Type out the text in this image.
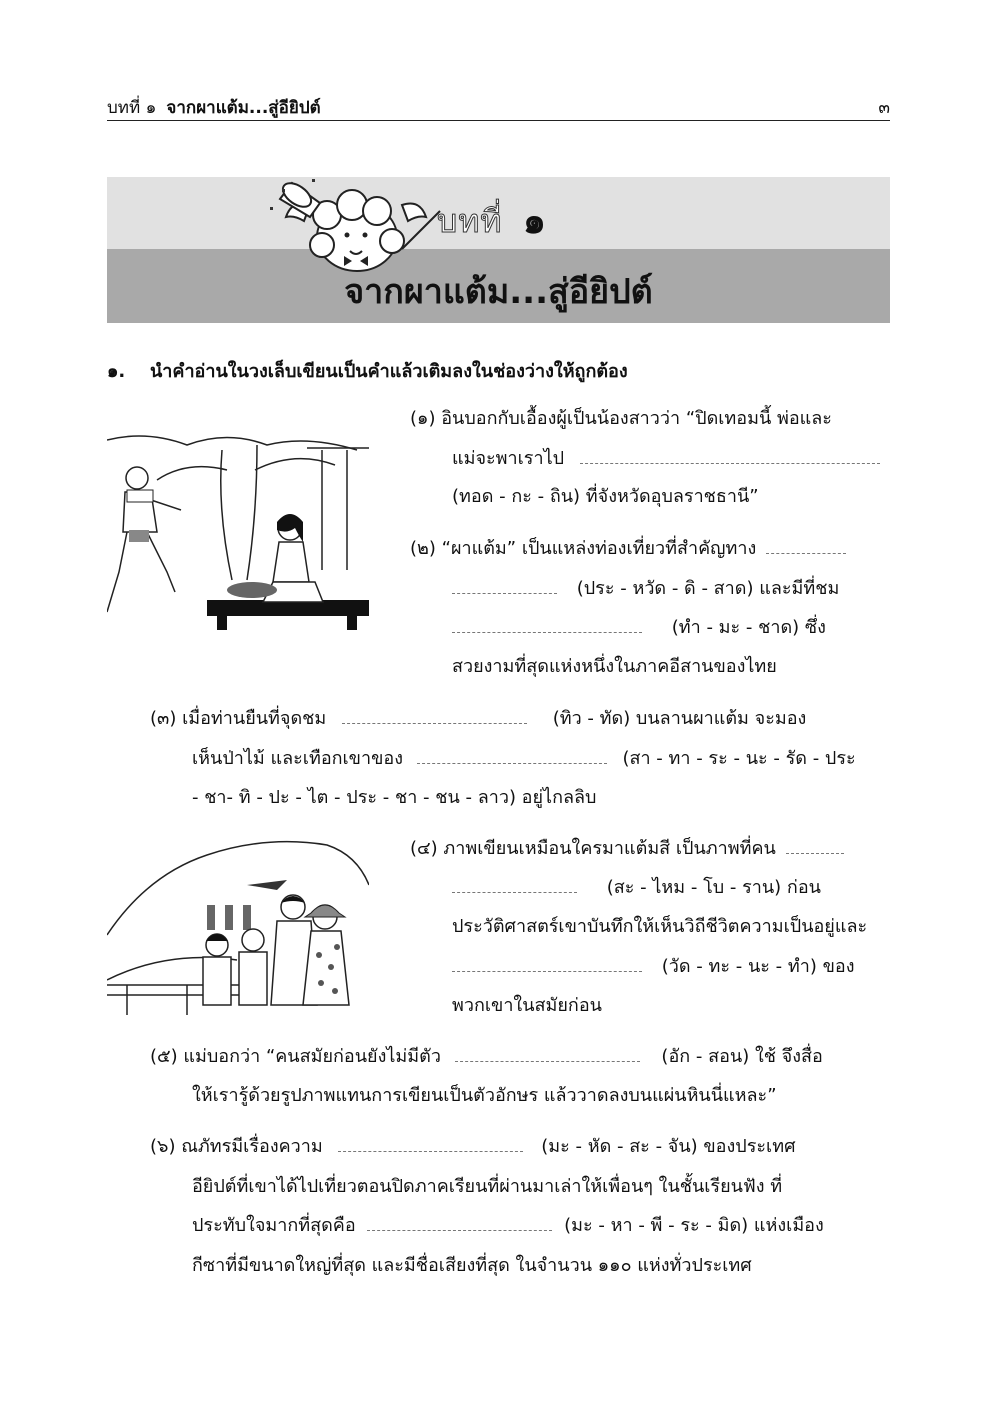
บทที่ ๑ จากผาแต้ม...สู่อียิปต์	๓
บทที่ ๑
จากผาแต้ม...สู่อียิปต์
๑. นำคำอ่านในวงเล็บเขียนเป็นคำแล้วเติมลงในช่องว่างให้ถูกต้อง
(๑) อินบอกกับเอื้องผู้เป็นน้องสาวว่า “ปิดเทอมนี้ พ่อและ
แม่จะพาเราไป
(ทอด - กะ - ถิน) ที่จังหวัดอุบลราชธานี”
(๒) “ผาแต้ม” เป็นแหล่งท่องเที่ยวที่สำคัญทาง
(ประ - หวัด - ดิ - สาด) และมีที่ชม
(ทำ - มะ - ชาด) ซึ่ง
สวยงามที่สุดแห่งหนึ่งในภาคอีสานของไทย
(๓) เมื่อท่านยืนที่จุดชม	(ทิว - ทัด) บนลานผาแต้ม จะมอง
เห็นป่าไม้ และเทือกเขาของ	(สา - ทา - ระ - นะ - รัด - ประ
- ชา- ทิ - ปะ - ไต - ประ - ชา - ชน - ลาว) อยู่ไกลลิบ
(๔) ภาพเขียนเหมือนใครมาแต้มสี เป็นภาพที่คน
(สะ - ไหม - โบ - ราน) ก่อน
ประวัติศาสตร์เขาบันทึกให้เห็นวิถีชีวิตความเป็นอยู่และ
(วัด - ทะ - นะ - ทำ) ของ
พวกเขาในสมัยก่อน
(๕) แม่บอกว่า “คนสมัยก่อนยังไม่มีตัว	(อัก - สอน) ใช้ จึงสื่อ
ให้เรารู้ด้วยรูปภาพแทนการเขียนเป็นตัวอักษร แล้ววาดลงบนแผ่นหินนี่แหละ”
(๖) ณภัทรมีเรื่องความ	(มะ - หัด - สะ - จัน) ของประเทศ
อียิปต์ที่เขาได้ไปเที่ยวตอนปิดภาคเรียนที่ผ่านมาเล่าให้เพื่อนๆ ในชั้นเรียนฟัง ที่
ประทับใจมากที่สุดคือ	(มะ - หา - พี - ระ - มิด) แห่งเมือง
กีซาที่มีขนาดใหญ่ที่สุด และมีชื่อเสียงที่สุด ในจำนวน ๑๑๐ แห่งทั่วประเทศ
